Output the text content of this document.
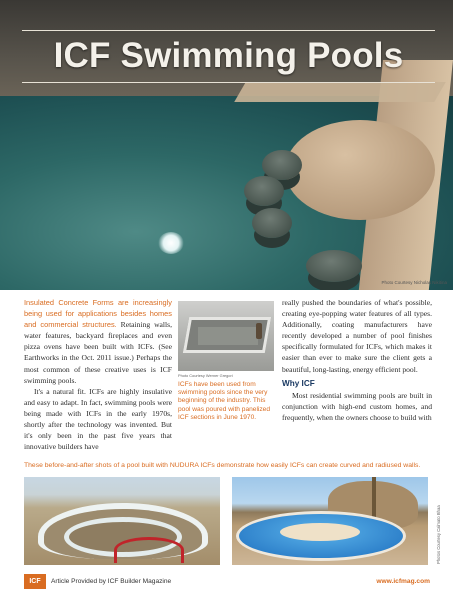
ICF Swimming Pools
Photo Courtesy Nicholas Nikitina

Insulated Concrete Forms are increasingly being used for applications besides homes and commercial structures. Retaining walls, water features, backyard fireplaces and even pizza ovens have been built with ICFs. (See Earthworks in the Oct. 2011 issue.) Perhaps the most common of these creative uses is ICF swimming pools.

It's a natural fit. ICFs are highly insulative and easy to adapt. In fact, swimming pools were being made with ICFs in the early 1970s, shortly after the technology was invented. But it's only been in the past five years that innovative builders have

Photo Courtesy Werner Gregori
ICFs have been used from swimming pools since the very beginning of the industry. This pool was poured with panelized ICF sections in June 1970.

really pushed the boundaries of what's possible, creating eye-popping water features of all types. Additionally, coating manufacturers have recently developed a number of pool finishes specifically formulated for ICFs, which makes it easier than ever to make sure the client gets a beautiful, long-lasting, energy efficient pool.

Why ICF

Most residential swimming pools are built in conjunction with high-end custom homes, and frequently, when the owners choose to build with

These before-and-after shots of a pool built with NUDURA ICFs demonstrate how easily ICFs can create curved and radiused walls.
Photos Courtesy Calmato Bhaa
ICF	Article Provided by ICF Builder Magazine	www.icfmag.com
